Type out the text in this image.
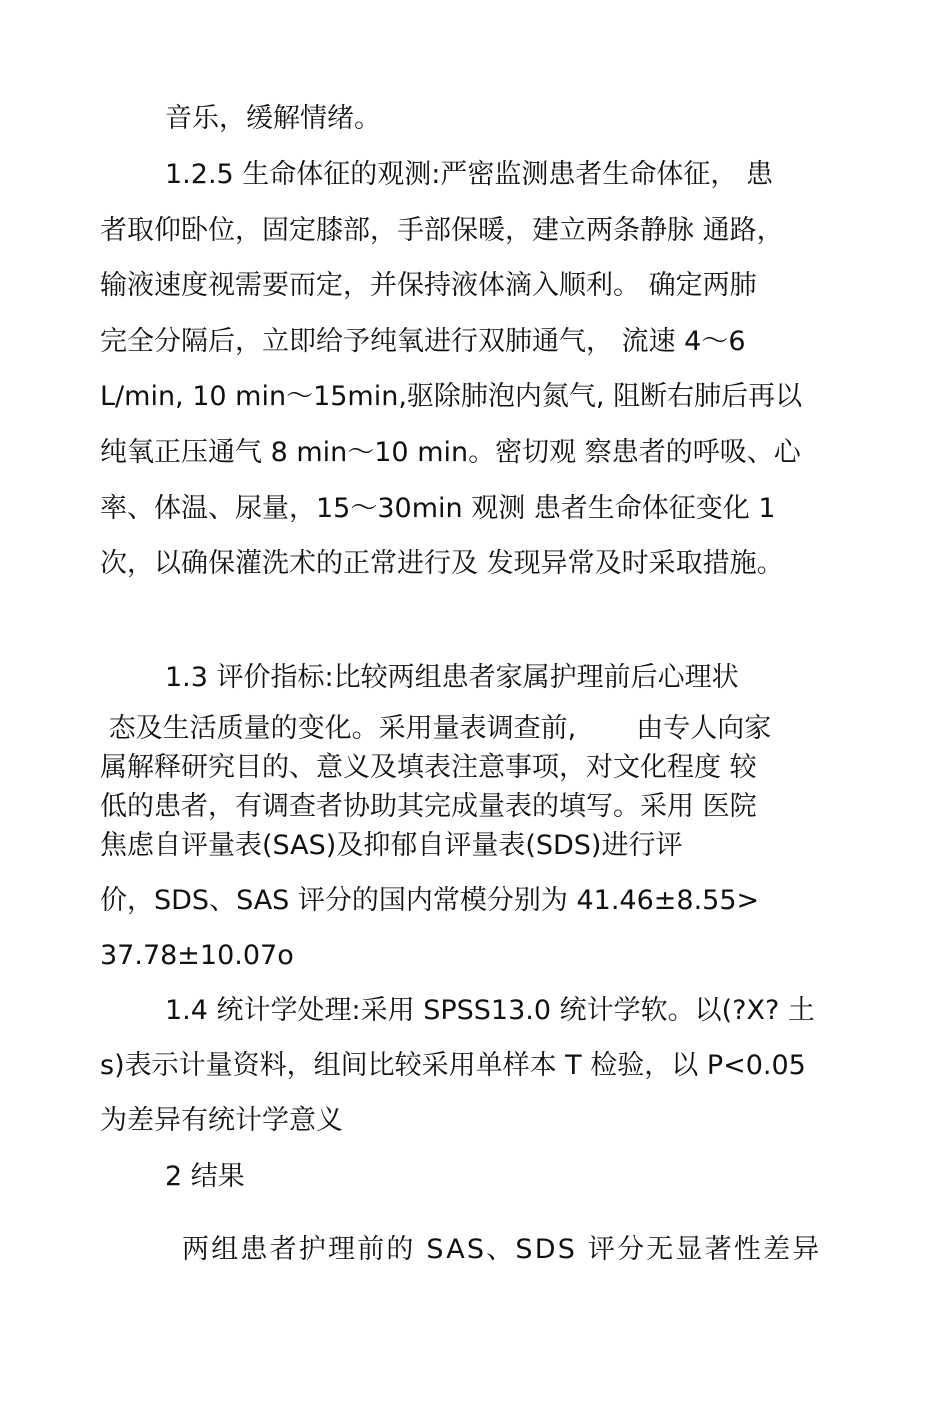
音乐，缓解情绪。

1.2.5 生命体征的观测:严密监测患者生命体征， 患

者取仰卧位，固定膝部，手部保暖，建立两条静脉 通路，

输液速度视需要而定，并保持液体滴入顺利。 确定两肺

完全分隔后，立即给予纯氧进行双肺通气， 流速 4〜6

L/min, 10 min〜15min,驱除肺泡内氮气, 阻断右肺后再以

纯氧正压通气 8 min〜10 min。密切观 察患者的呼吸、心

率、体温、尿量，15〜30min 观测 患者生命体征变化 1

次，以确保灌洗术的正常进行及 发现异常及时采取措施。

1.3 评价指标:比较两组患者家属护理前后心理状

态及生活质量的变化。采用量表调查前,       由专人向家

属解释研究目的、意义及填表注意事项，对文化程度 较

低的患者，有调查者协助其完成量表的填写。采用 医院

焦虑自评量表(SAS)及抑郁自评量表(SDS)进行评

价，SDS、SAS 评分的国内常模分别为 41.46±8.55>

37.78±10.07o

1.4 统计学处理:采用 SPSS13.0 统计学软。以(?X? 土

s)表示计量资料，组间比较采用单样本 T 检验，以 P<0.05

为差异有统计学意义

2 结果

两组患者护理前的 SAS、SDS 评分无显著性差异
